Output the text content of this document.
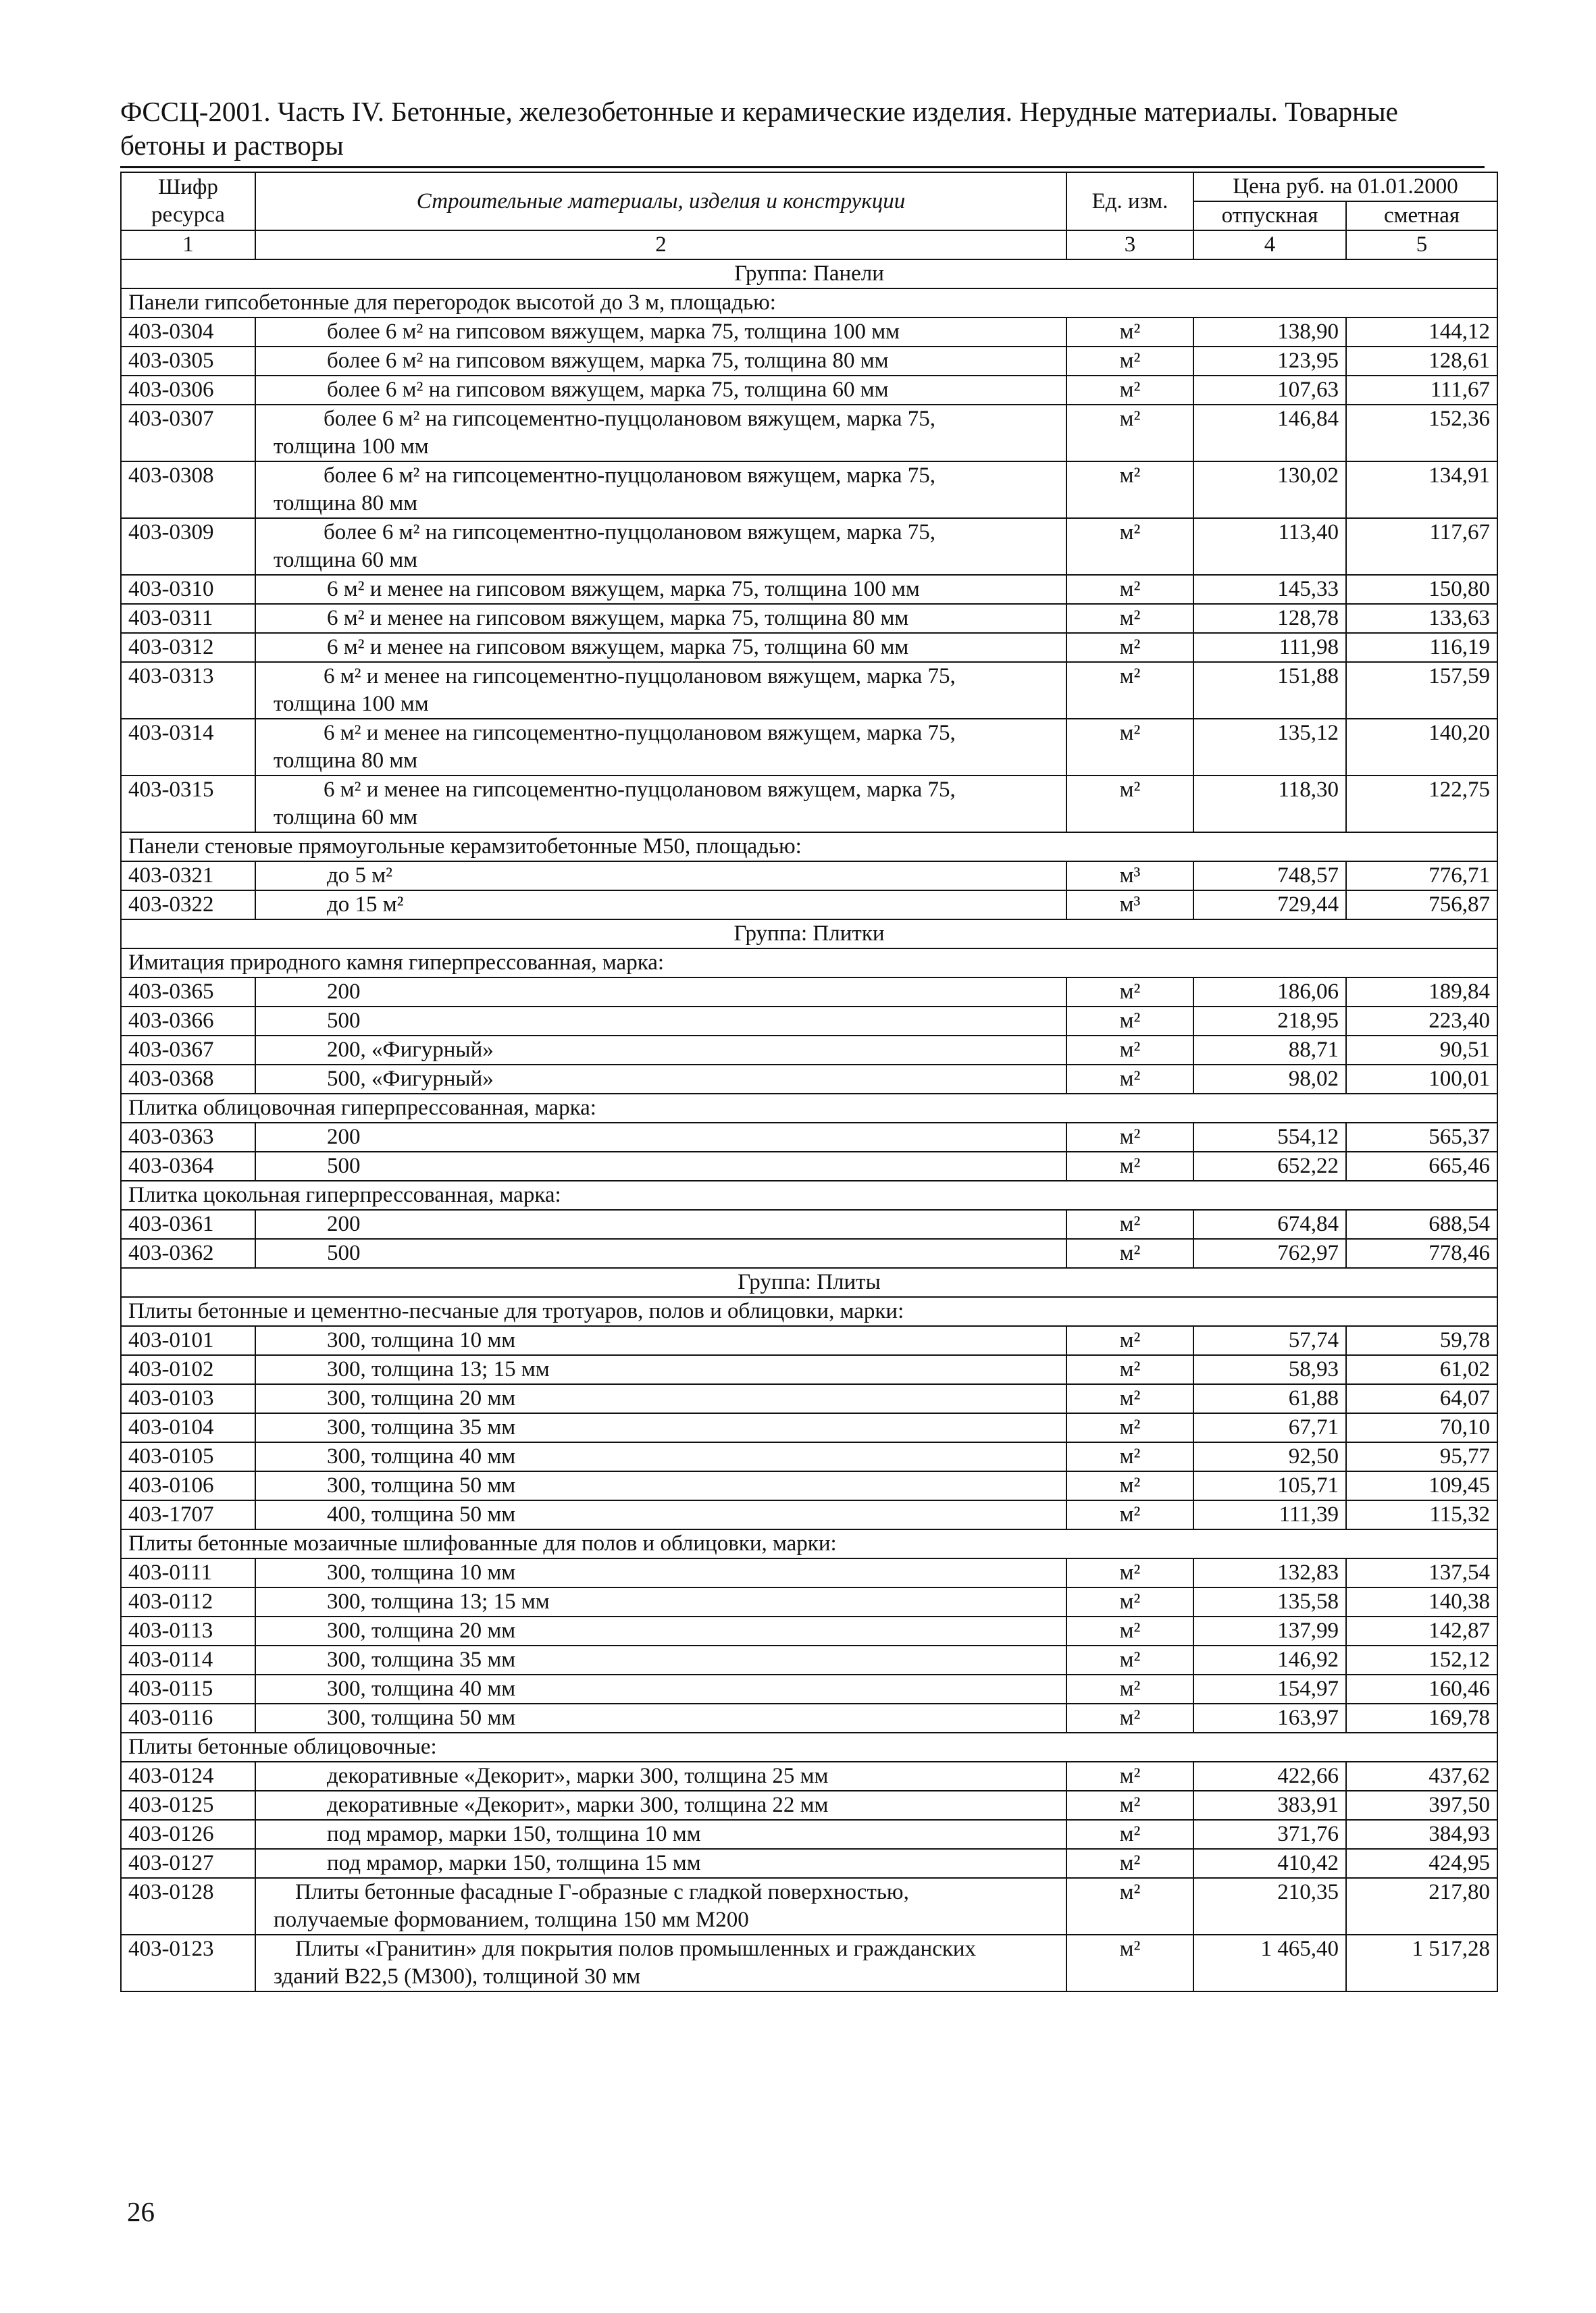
ФССЦ-2001. Часть IV. Бетонные, железобетонные и керамические изделия. Нерудные материалы. Товарные бетоны и растворы
Шифр ресурса	Строительные материалы, изделия и конструкции	Ед. изм.	Цена руб. на 01.01.2000	
			отпускная	сметная
1	2	3	4	5
Группа: Панели				
Панели гипсобетонные для перегородок высотой до 3 м, площадью:				
403-0304	более 6 м² на гипсовом вяжущем, марка 75, толщина 100 мм	м²	138,90	144,12
403-0305	более 6 м² на гипсовом вяжущем, марка 75, толщина 80 мм	м²	123,95	128,61
403-0306	более 6 м² на гипсовом вяжущем, марка 75, толщина 60 мм	м²	107,63	111,67
403-0307	более 6 м² на гипсоцементно-пуццолановом вяжущем, марка 75,
толщина 100 мм	м²	146,84	152,36
403-0308	более 6 м² на гипсоцементно-пуццолановом вяжущем, марка 75,
толщина 80 мм	м²	130,02	134,91
403-0309	более 6 м² на гипсоцементно-пуццолановом вяжущем, марка 75,
толщина 60 мм	м²	113,40	117,67
403-0310	6 м² и менее на гипсовом вяжущем, марка 75, толщина 100 мм	м²	145,33	150,80
403-0311	6 м² и менее на гипсовом вяжущем, марка 75, толщина 80 мм	м²	128,78	133,63
403-0312	6 м² и менее на гипсовом вяжущем, марка 75, толщина 60 мм	м²	111,98	116,19
403-0313	6 м² и менее на гипсоцементно-пуццолановом вяжущем, марка 75,
толщина 100 мм	м²	151,88	157,59
403-0314	6 м² и менее на гипсоцементно-пуццолановом вяжущем, марка 75,
толщина 80 мм	м²	135,12	140,20
403-0315	6 м² и менее на гипсоцементно-пуццолановом вяжущем, марка 75,
толщина 60 мм	м²	118,30	122,75
Панели стеновые прямоугольные керамзитобетонные М50, площадью:				
403-0321	до 5 м²	м³	748,57	776,71
403-0322	до 15 м²	м³	729,44	756,87
Группа: Плитки				
Имитация природного камня гиперпрессованная, марка:				
403-0365	200	м²	186,06	189,84
403-0366	500	м²	218,95	223,40
403-0367	200, «Фигурный»	м²	88,71	90,51
403-0368	500, «Фигурный»	м²	98,02	100,01
Плитка облицовочная гиперпрессованная, марка:				
403-0363	200	м²	554,12	565,37
403-0364	500	м²	652,22	665,46
Плитка цокольная гиперпрессованная, марка:				
403-0361	200	м²	674,84	688,54
403-0362	500	м²	762,97	778,46
Группа: Плиты				
Плиты бетонные и цементно-песчаные для тротуаров, полов и облицовки, марки:				
403-0101	300, толщина 10 мм	м²	57,74	59,78
403-0102	300, толщина 13; 15 мм	м²	58,93	61,02
403-0103	300, толщина 20 мм	м²	61,88	64,07
403-0104	300, толщина 35 мм	м²	67,71	70,10
403-0105	300, толщина 40 мм	м²	92,50	95,77
403-0106	300, толщина 50 мм	м²	105,71	109,45
403-1707	400, толщина 50 мм	м²	111,39	115,32
Плиты бетонные мозаичные шлифованные для полов и облицовки, марки:				
403-0111	300, толщина 10 мм	м²	132,83	137,54
403-0112	300, толщина 13; 15 мм	м²	135,58	140,38
403-0113	300, толщина 20 мм	м²	137,99	142,87
403-0114	300, толщина 35 мм	м²	146,92	152,12
403-0115	300, толщина 40 мм	м²	154,97	160,46
403-0116	300, толщина 50 мм	м²	163,97	169,78
Плиты бетонные облицовочные:				
403-0124	декоративные «Декорит», марки 300, толщина 25 мм	м²	422,66	437,62
403-0125	декоративные «Декорит», марки 300, толщина 22 мм	м²	383,91	397,50
403-0126	под мрамор, марки 150, толщина 10 мм	м²	371,76	384,93
403-0127	под мрамор, марки 150, толщина 15 мм	м²	410,42	424,95
403-0128	Плиты бетонные фасадные Г-образные с гладкой поверхностью,
получаемые формованием, толщина 150 мм М200	м²	210,35	217,80
403-0123	Плиты «Гранитин» для покрытия полов промышленных и гражданских
зданий В22,5 (М300), толщиной 30 мм	м²	1 465,40	1 517,28
26
